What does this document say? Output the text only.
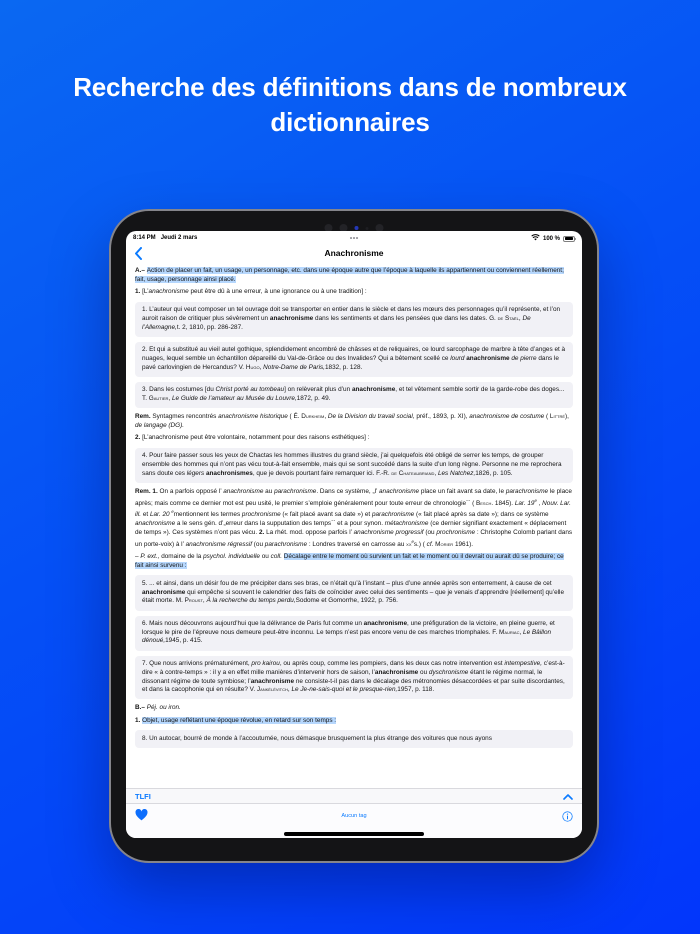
Recherche des définitions dans de nombreux dictionnaires
8:14 PM Jeudi 2 mars	100 %
Anachronisme
A.– Action de placer un fait, un usage, un personnage, etc. dans une époque autre que l’époque à laquelle ils appartiennent ou conviennent réellement; fait, usage, personnage ainsi placé.
1. [L’anachronisme peut être dû à une erreur, à une ignorance ou à une tradition] :
1. L’auteur qui veut composer un tel ouvrage doit se transporter en entier dans le siècle et dans les mœurs des personnages qu’il représente, et l’on auroit raison de critiquer plus sévèrement un anachronisme dans les sentiments et dans les pensées que dans les dates. G. de Staël, De l’Allemagne,t. 2, 1810, pp. 286-287.
2. Et qui a substitué au vieil autel gothique, splendidement encombré de châsses et de reliquaires, ce lourd sarcophage de marbre à tête d’anges et à nuages, lequel semble un échantillon dépareillé du Val-de-Grâce ou des Invalides? Qui a bêtement scellé ce lourd anachronisme de pierre dans le pavé carlovingien de Hercandus? V. Hugo, Notre-Dame de Paris,1832, p. 128.
3. Dans les costumes [du Christ porté au tombeau] on relèverait plus d’un anachronisme, et tel vêtement semble sortir de la garde-robe des doges... T. Gautier, Le Guide de l’amateur au Musée du Louvre,1872, p. 49.
Rem. Syntagmes rencontrés anachronisme historique ( É. Durkheim, De la Division du travail social, préf., 1893, p. XI), anachronisme de costume ( Littré), de langage (DG).
2. [L’anachronisme peut être volontaire, notamment pour des raisons esthétiques] :
4. Pour faire passer sous les yeux de Chactas les hommes illustres du grand siècle, j’ai quelquefois été obligé de serrer les temps, de grouper ensemble des hommes qui n’ont pas vécu tout-à-fait ensemble, mais qui se sont succédé dans la suite d’un long règne. Personne ne me reprochera sans doute ces légers anachronismes, que je devois pourtant faire remarquer ici. F.-R. de Chateaubriand, Les Natchez,1826, p. 105.
Rem. 1. On a parfois opposé l’ anachronisme au parachronisme. Dans ce système, „l’ anachronisme place un fait avant sa date, le parachronisme le place après; mais comme ce dernier mot est peu usité, le premier s’emploie généralement pour toute erreur de chronologie`` ( Besch. 1845). Lar. 19e , Nouv. Lar. ill. et Lar. 20 $^e$mentionnent les termes prochronisme (« fait placé avant sa date ») et parachronisme (« fait placé après sa date »); dans ce système anachronisme a le sens gén. d’„erreur dans la supputation des temps`` et a pour synon. métachronisme (ce dernier signifiant exactement « déplacement de temps »). Ces systèmes n’ont pas vécu. 2. La rhét. mod. oppose parfois l’ anachronisme progressif (ou prochronisme : Christophe Colomb parlant dans un porte-voix) à l’ anachronisme régressif (ou parachronisme : Londres traversé en carrosse au $xx^es$.) ( cf. Morier 1961).
– P. ext., domaine de la psychol. individuelle ou coll. Décalage entre le moment où survient un fait et le moment où il devrait ou aurait dû se produire; ce fait ainsi survenu :
5. ... et ainsi, dans un désir fou de me précipiter dans ses bras, ce n’était qu’à l’instant – plus d’une année après son enterrement, à cause de cet anachronisme qui empêche si souvent le calendrier des faits de coïncider avec celui des sentiments – que je venais d’apprendre [réellement] qu’elle était morte. M. Proust, À la recherche du temps perdu,Sodome et Gomorrhe, 1922, p. 756.
6. Mais nous découvrons aujourd’hui que la délivrance de Paris fut comme un anachronisme, une préfiguration de la victoire, en pleine guerre, et lorsque le pire de l’épreuve nous demeure peut-être inconnu. Le temps n’est pas encore venu de ces marches triomphales. F. Mauriac, Le Bâillon dénoué,1945, p. 415.
7. Que nous arrivions prématurément, pro kairou, ou après coup, comme les pompiers, dans les deux cas notre intervention est intempestive, c’est-à-dire « à contre-temps » : il y a en effet mille manières d’intervenir hors de saison, l’anachronisme ou dyschronisme étant le régime normal, le dissonant régime de toute symbiose; l’anachronisme ne consiste-t-il pas dans le décalage des métronomies désaccordées et par suite discordantes, et dans la cacophonie qui en résulte? V. Jankélévitch, Le Je-ne-sais-quoi et le presque-rien,1957, p. 118.
B.– Péj. ou iron.
1. Objet, usage reflétant une époque révolue, en retard sur son temps :
8. Un autocar, bourré de monde à l’accoutumée, nous démasque brusquement la plus étrange des voitures que nous ayons
TLFI
Aucun tag
